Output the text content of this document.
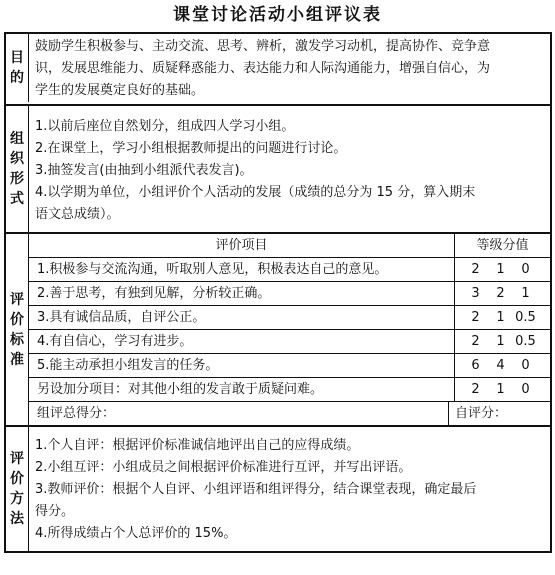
课堂讨论活动小组评议表
目
的

鼓励学生积极参与、主动交流、思考、辨析，激发学习动机，提高协作、竞争意

识，发展思维能力、质疑释惑能力、表达能力和人际沟通能力，增强自信心，为

学生的发展奠定良好的基础。

组
织
形
式

1.以前后座位自然划分，组成四人学习小组。

2.在课堂上，学习小组根据教师提出的问题进行讨论。

3.抽签发言(由抽到小组派代表发言)。

4.以学期为单位，小组评价个人活动的发展（成绩的总分为 15 分，算入期末

语文总成绩）。

评
价
标
准
评价项目	等级分值
1.积极参与交流沟通，听取别人意见，积极表达自己的意见。	2	1	0
2.善于思考，有独到见解，分析较正确。	3	2	1
3.具有诚信品质，自评公正。	2	1 0.5
4.有自信心，学习有进步。	2	1 0.5
5.能主动承担小组发言的任务。	6	4	0
另设加分项目：对其他小组的发言敢于质疑问难。	2	1	0
组评总得分：	自评分：
评
价
方
法

1.个人自评：根据评价标准诚信地评出自己的应得成绩。

2.小组互评：小组成员之间根据评价标准进行互评，并写出评语。

3.教师评价：根据个人自评、小组评语和组评得分，结合课堂表现，确定最后

得分。

4.所得成绩占个人总评价的 15%。
